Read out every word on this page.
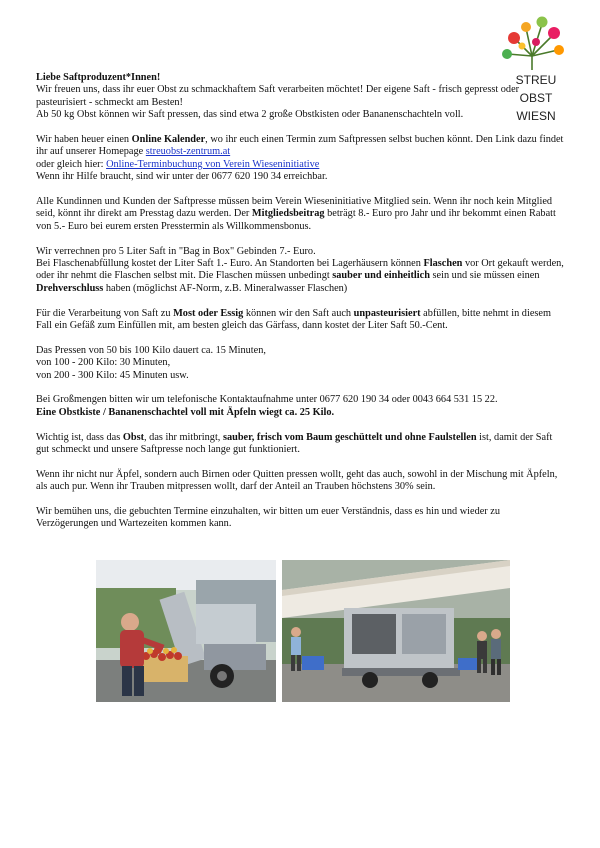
STREU
OBST
WIESN

Liebe Saftproduzent*Innen!
Wir freuen uns, dass ihr euer Obst zu schmackhaftem Saft verarbeiten möchtet! Der eigene Saft - frisch gepresst oder pasteurisiert - schmeckt am Besten!
Ab 50 kg Obst können wir Saft pressen, das sind etwa 2 große Obstkisten oder Bananenschachteln voll.

Wir haben heuer einen Online Kalender, wo ihr euch einen Termin zum Saftpressen selbst buchen könnt. Den Link dazu findet ihr auf unserer Homepage streuobst-zentrum.at
oder gleich hier: Online-Terminbuchung von Verein Wieseninitiative
Wenn ihr Hilfe braucht, sind wir unter der 0677 620 190 34 erreichbar.

Alle Kundinnen und Kunden der Saftpresse müssen beim Verein Wieseninitiative Mitglied sein. Wenn ihr noch kein Mitglied seid, könnt ihr direkt am Presstag dazu werden. Der Mitgliedsbeitrag beträgt 8.- Euro pro Jahr und ihr bekommt einen Rabatt von 5.- Euro bei eurem ersten Presstermin als Willkommensbonus.

Wir verrechnen pro 5 Liter Saft in "Bag in Box" Gebinden 7.- Euro.
Bei Flaschenabfüllung kostet der Liter Saft 1.- Euro. An Standorten bei Lagerhäusern können Flaschen vor Ort gekauft werden, oder ihr nehmt die Flaschen selbst mit. Die Flaschen müssen unbedingt sauber und einheitlich sein und sie müssen einen Drehverschluss haben (möglichst AF-Norm, z.B. Mineralwasser Flaschen)

Für die Verarbeitung von Saft zu Most oder Essig können wir den Saft auch unpasteurisiert abfüllen, bitte nehmt in diesem Fall ein Gefäß zum Einfüllen mit, am besten gleich das Gärfass, dann kostet der Liter Saft 50.-Cent.

Das Pressen von 50 bis 100 Kilo dauert ca. 15 Minuten,
von 100 - 200 Kilo: 30 Minuten,
von 200 - 300 Kilo: 45 Minuten usw.

Bei Großmengen bitten wir um telefonische Kontaktaufnahme unter 0677 620 190 34 oder 0043 664 531 15 22.
Eine Obstkiste / Bananenschachtel voll mit Äpfeln wiegt ca. 25 Kilo.

Wichtig ist, dass das Obst, das ihr mitbringt, sauber, frisch vom Baum geschüttelt und ohne Faulstellen ist, damit der Saft gut schmeckt und unsere Saftpresse noch lange gut funktioniert.

Wenn ihr nicht nur Äpfel, sondern auch Birnen oder Quitten pressen wollt, geht das auch, sowohl in der Mischung mit Äpfeln, als auch pur. Wenn ihr Trauben mitpressen wollt, darf der Anteil an Trauben höchstens 30% sein.

Wir bemühen uns, die gebuchten Termine einzuhalten, wir bitten um euer Verständnis, dass es hin und wieder zu Verzögerungen und Wartezeiten kommen kann.
